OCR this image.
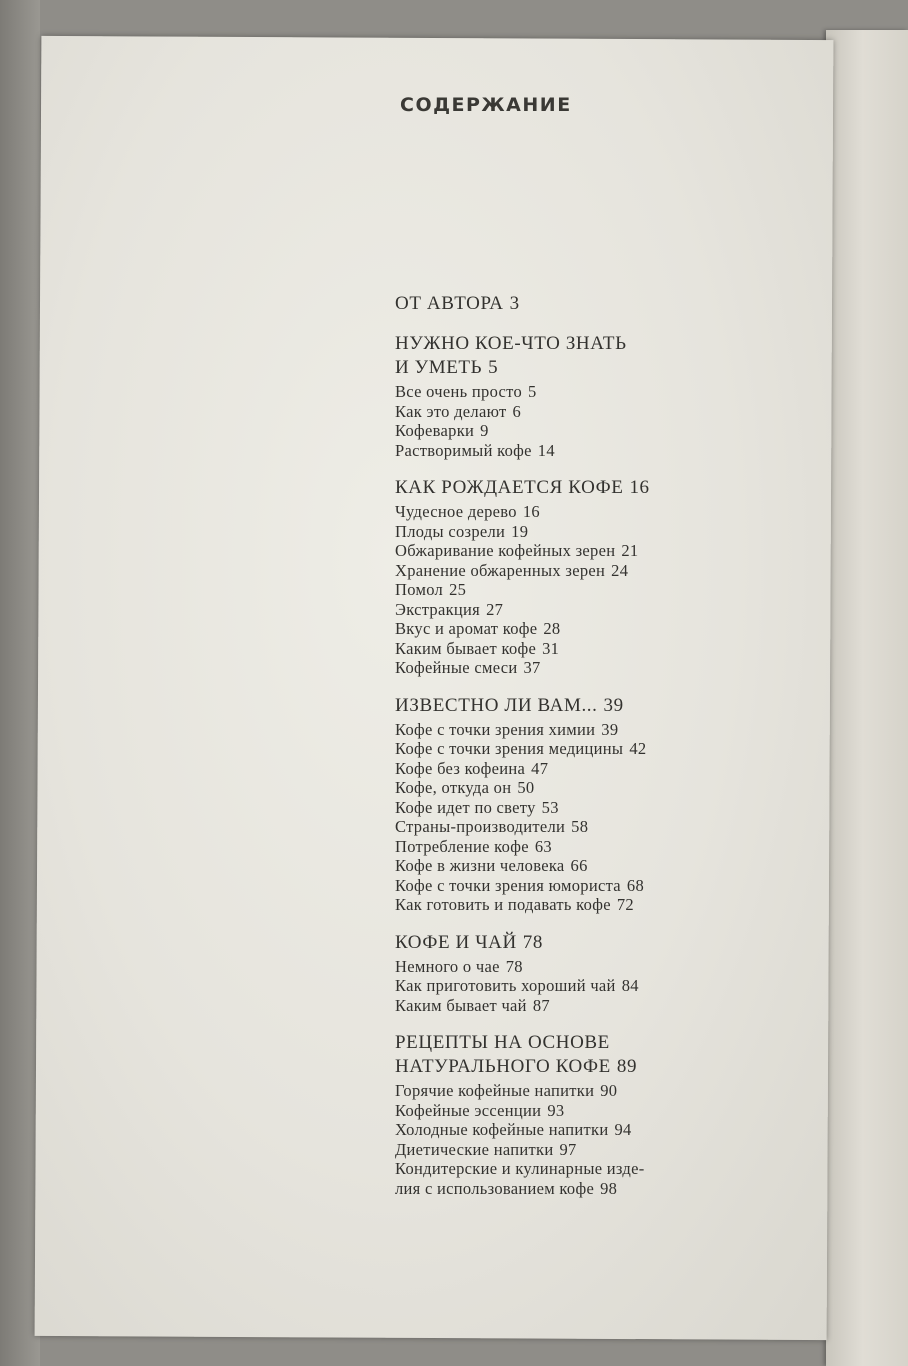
СОДЕРЖАНИЕ
ОТ АВТОРА 3
НУЖНО КОЕ-ЧТО ЗНАТЬ
И УМЕТЬ 5
Все очень просто 5
Как это делают 6
Кофеварки 9
Растворимый кофе 14
КАК РОЖДАЕТСЯ КОФЕ 16
Чудесное дерево 16
Плоды созрели 19
Обжаривание кофейных зерен 21
Хранение обжаренных зерен 24
Помол 25
Экстракция 27
Вкус и аромат кофе 28
Каким бывает кофе 31
Кофейные смеси 37
ИЗВЕСТНО ЛИ ВАМ... 39
Кофе с точки зрения химии 39
Кофе с точки зрения медицины 42
Кофе без кофеина 47
Кофе, откуда он 50
Кофе идет по свету 53
Страны-производители 58
Потребление кофе 63
Кофе в жизни человека 66
Кофе с точки зрения юмориста 68
Как готовить и подавать кофе 72
КОФЕ И ЧАЙ 78
Немного о чае 78
Как приготовить хороший чай 84
Каким бывает чай 87
РЕЦЕПТЫ НА ОСНОВЕ
НАТУРАЛЬНОГО КОФЕ 89
Горячие кофейные напитки 90
Кофейные эссенции 93
Холодные кофейные напитки 94
Диетические напитки 97
Кондитерские и кулинарные изде-
лия с использованием кофе 98
